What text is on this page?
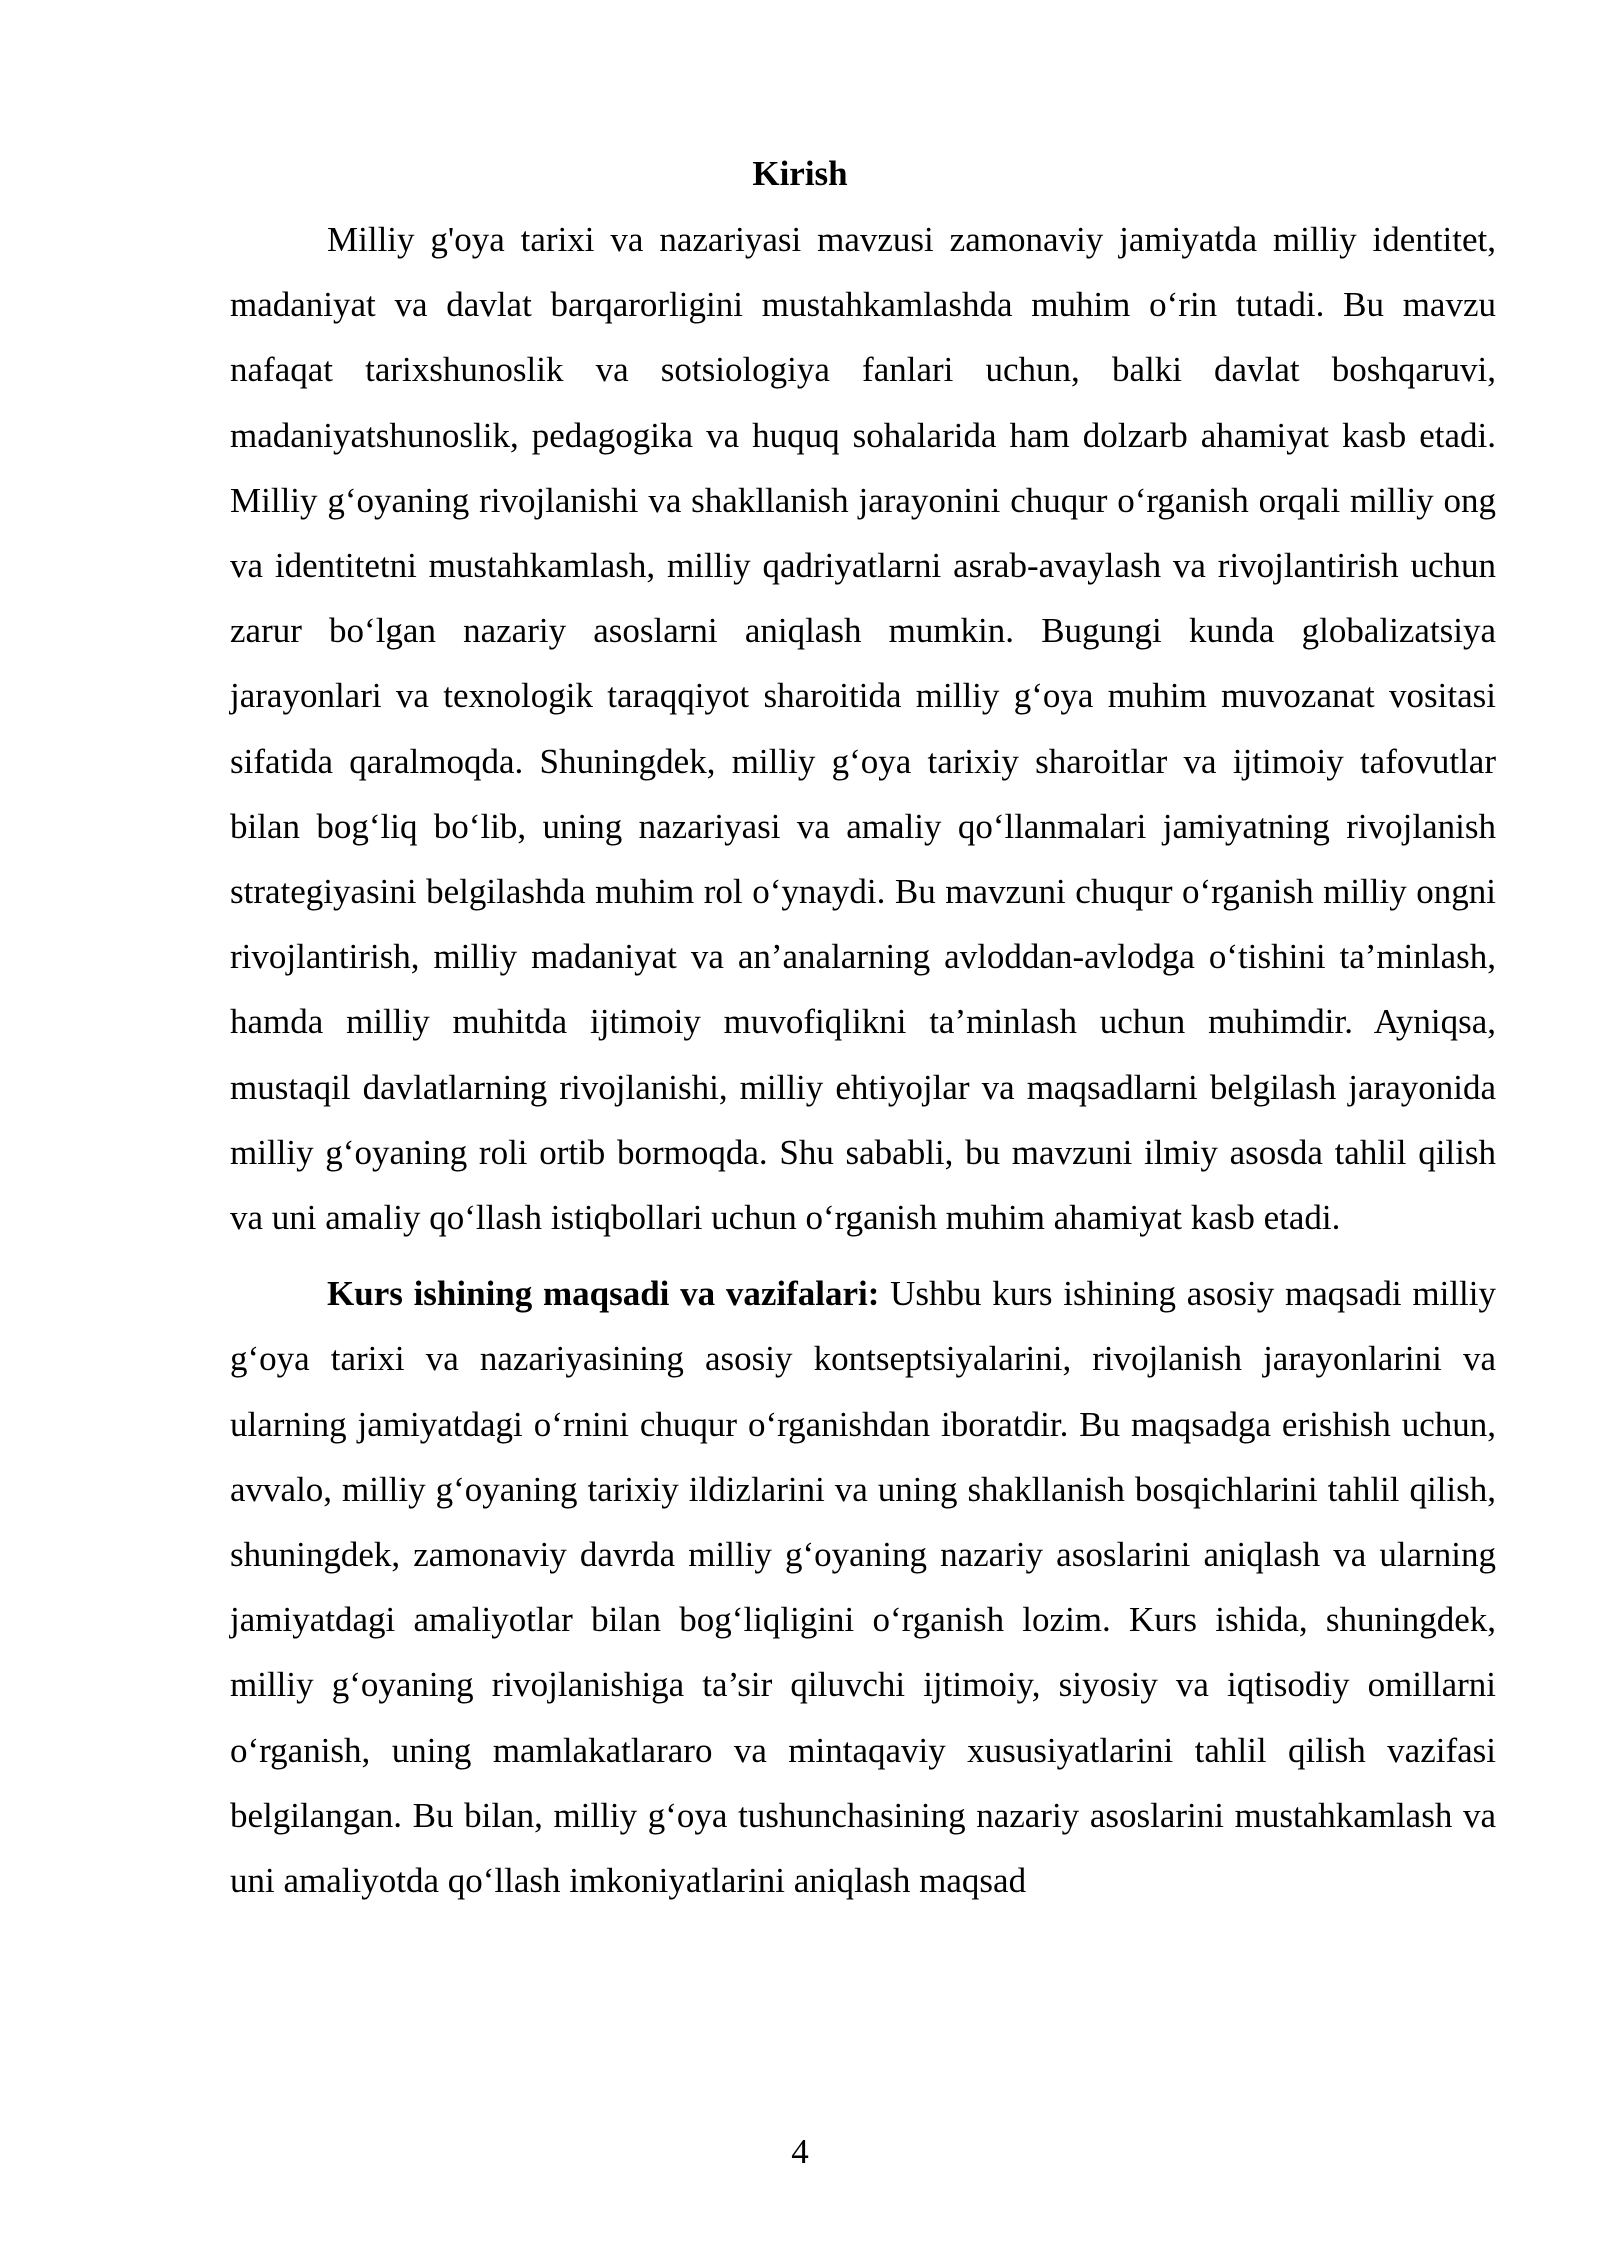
Kirish

Milliy g'oya tarixi va nazariyasi mavzusi zamonaviy jamiyatda milliy identitet, madaniyat va davlat barqarorligini mustahkamlashda muhim o‘rin tutadi. Bu mavzu nafaqat tarixshunoslik va sotsiologiya fanlari uchun, balki davlat boshqaruvi, madaniyatshunoslik, pedagogika va huquq sohalarida ham dolzarb ahamiyat kasb etadi. Milliy g‘oyaning rivojlanishi va shakllanish jarayonini chuqur o‘rganish orqali milliy ong va identitetni mustahkamlash, milliy qadriyatlarni asrab-avaylash va rivojlantirish uchun zarur bo‘lgan nazariy asoslarni aniqlash mumkin. Bugungi kunda globalizatsiya jarayonlari va texnologik taraqqiyot sharoitida milliy g‘oya muhim muvozanat vositasi sifatida qaralmoqda. Shuningdek, milliy g‘oya tarixiy sharoitlar va ijtimoiy tafovutlar bilan bog‘liq bo‘lib, uning nazariyasi va amaliy qo‘llanmalari jamiyatning rivojlanish strategiyasini belgilashda muhim rol o‘ynaydi. Bu mavzuni chuqur o‘rganish milliy ongni rivojlantirish, milliy madaniyat va an’analarning avloddan-avlodga o‘tishini ta’minlash, hamda milliy muhitda ijtimoiy muvofiqlikni ta’minlash uchun muhimdir. Ayniqsa, mustaqil davlatlarning rivojlanishi, milliy ehtiyojlar va maqsadlarni belgilash jarayonida milliy g‘oyaning roli ortib bormoqda. Shu sababli, bu mavzuni ilmiy asosda tahlil qilish va uni amaliy qo‘llash istiqbollari uchun o‘rganish muhim ahamiyat kasb etadi.

Kurs ishining maqsadi va vazifalari: Ushbu kurs ishining asosiy maqsadi milliy g‘oya tarixi va nazariyasining asosiy kontseptsiyalarini, rivojlanish jarayonlarini va ularning jamiyatdagi o‘rnini chuqur o‘rganishdan iboratdir. Bu maqsadga erishish uchun, avvalo, milliy g‘oyaning tarixiy ildizlarini va uning shakllanish bosqichlarini tahlil qilish, shuningdek, zamonaviy davrda milliy g‘oyaning nazariy asoslarini aniqlash va ularning jamiyatdagi amaliyotlar bilan bog‘liqligini o‘rganish lozim. Kurs ishida, shuningdek, milliy g‘oyaning rivojlanishiga ta’sir qiluvchi ijtimoiy, siyosiy va iqtisodiy omillarni o‘rganish, uning mamlakatlararo va mintaqaviy xususiyatlarini tahlil qilish vazifasi belgilangan. Bu bilan, milliy g‘oya tushunchasining nazariy asoslarini mustahkamlash va uni amaliyotda qo‘llash imkoniyatlarini aniqlash maqsad

4
